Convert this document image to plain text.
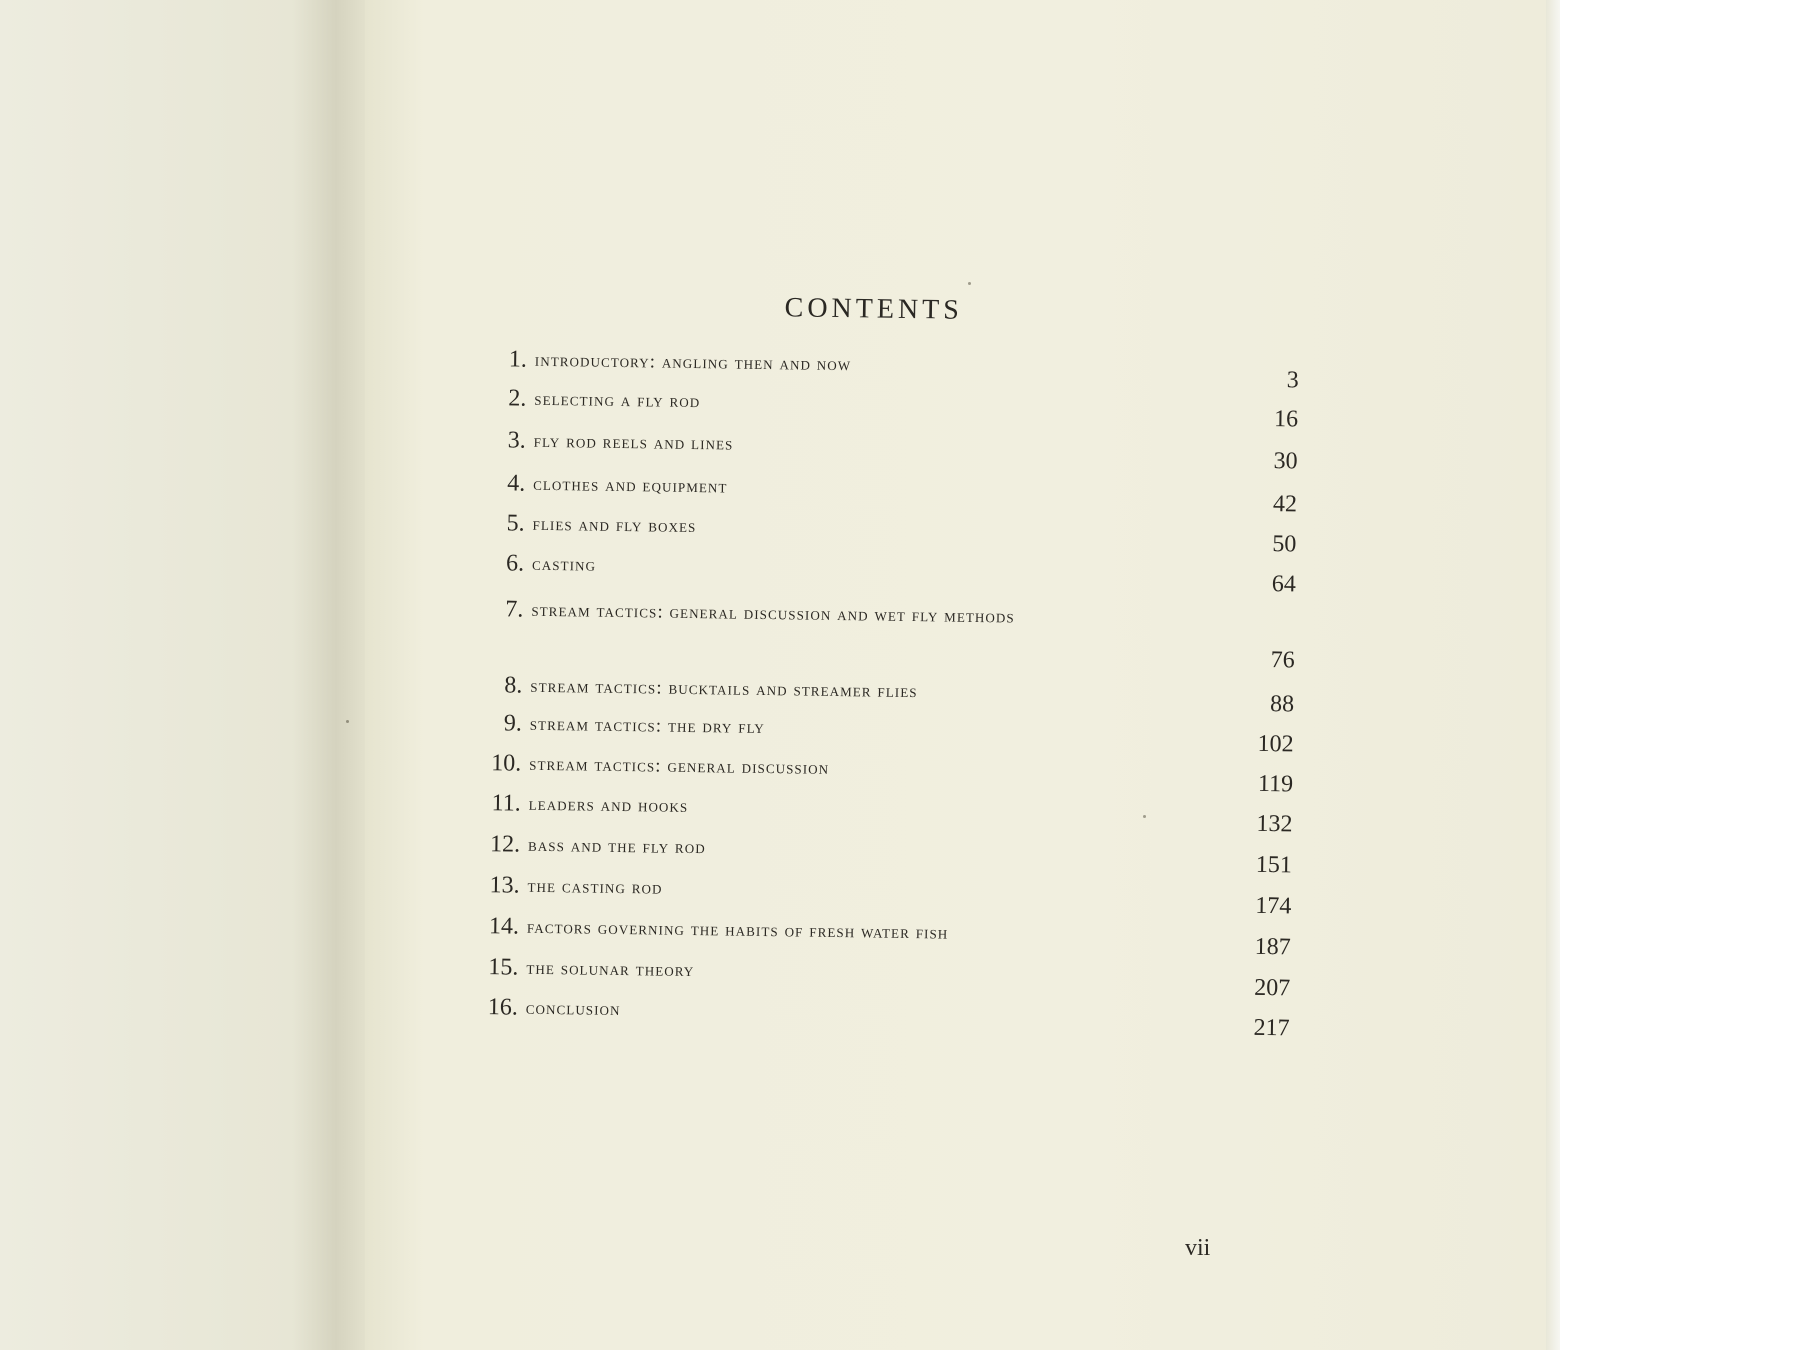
CONTENTS
1. introductory: angling then and now
3
2. selecting a fly rod
16
3. fly rod reels and lines
30
4. clothes and equipment
42
5. flies and fly boxes
50
6. casting
64
7. stream tactics: general discussion and wet fly methods
76
8. stream tactics: bucktails and streamer flies
88
9. stream tactics: the dry fly
102
10. stream tactics: general discussion
119
11. leaders and hooks
132
12. bass and the fly rod
151
13. the casting rod
174
14. factors governing the habits of fresh water fish
187
15. the solunar theory
207
16. conclusion
217
vii
